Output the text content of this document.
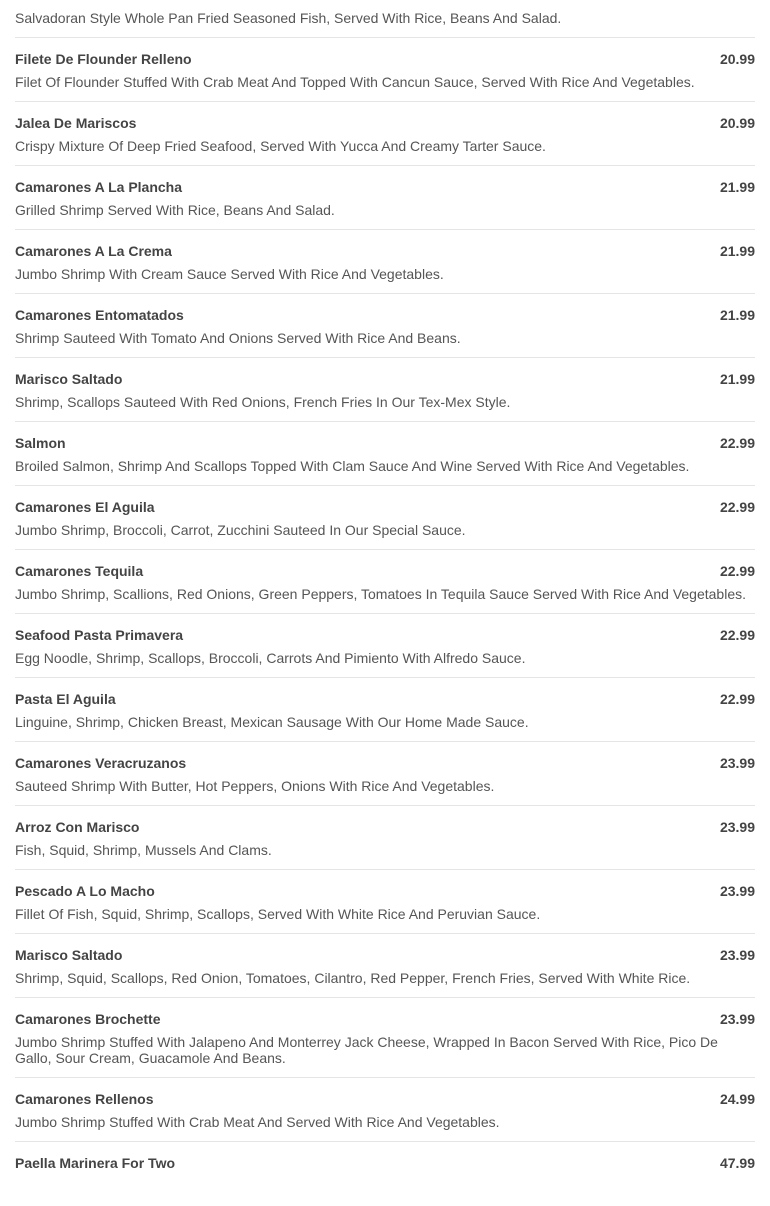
Salvadoran Style Whole Pan Fried Seasoned Fish, Served With Rice, Beans And Salad.
Filete De Flounder Relleno	20.99
Filet Of Flounder Stuffed With Crab Meat And Topped With Cancun Sauce, Served With Rice And Vegetables.
Jalea De Mariscos	20.99
Crispy Mixture Of Deep Fried Seafood, Served With Yucca And Creamy Tarter Sauce.
Camarones A La Plancha	21.99
Grilled Shrimp Served With Rice, Beans And Salad.
Camarones A La Crema	21.99
Jumbo Shrimp With Cream Sauce Served With Rice And Vegetables.
Camarones Entomatados	21.99
Shrimp Sauteed With Tomato And Onions Served With Rice And Beans.
Marisco Saltado	21.99
Shrimp, Scallops Sauteed With Red Onions, French Fries In Our Tex-Mex Style.
Salmon	22.99
Broiled Salmon, Shrimp And Scallops Topped With Clam Sauce And Wine Served With Rice And Vegetables.
Camarones El Aguila	22.99
Jumbo Shrimp, Broccoli, Carrot, Zucchini Sauteed In Our Special Sauce.
Camarones Tequila	22.99
Jumbo Shrimp, Scallions, Red Onions, Green Peppers, Tomatoes In Tequila Sauce Served With Rice And Vegetables.
Seafood Pasta Primavera	22.99
Egg Noodle, Shrimp, Scallops, Broccoli, Carrots And Pimiento With Alfredo Sauce.
Pasta El Aguila	22.99
Linguine, Shrimp, Chicken Breast, Mexican Sausage With Our Home Made Sauce.
Camarones Veracruzanos	23.99
Sauteed Shrimp With Butter, Hot Peppers, Onions With Rice And Vegetables.
Arroz Con Marisco	23.99
Fish, Squid, Shrimp, Mussels And Clams.
Pescado A Lo Macho	23.99
Fillet Of Fish, Squid, Shrimp, Scallops, Served With White Rice And Peruvian Sauce.
Marisco Saltado	23.99
Shrimp, Squid, Scallops, Red Onion, Tomatoes, Cilantro, Red Pepper, French Fries, Served With White Rice.
Camarones Brochette	23.99
Jumbo Shrimp Stuffed With Jalapeno And Monterrey Jack Cheese, Wrapped In Bacon Served With Rice, Pico De Gallo, Sour Cream, Guacamole And Beans.
Camarones Rellenos	24.99
Jumbo Shrimp Stuffed With Crab Meat And Served With Rice And Vegetables.
Paella Marinera For Two	47.99
